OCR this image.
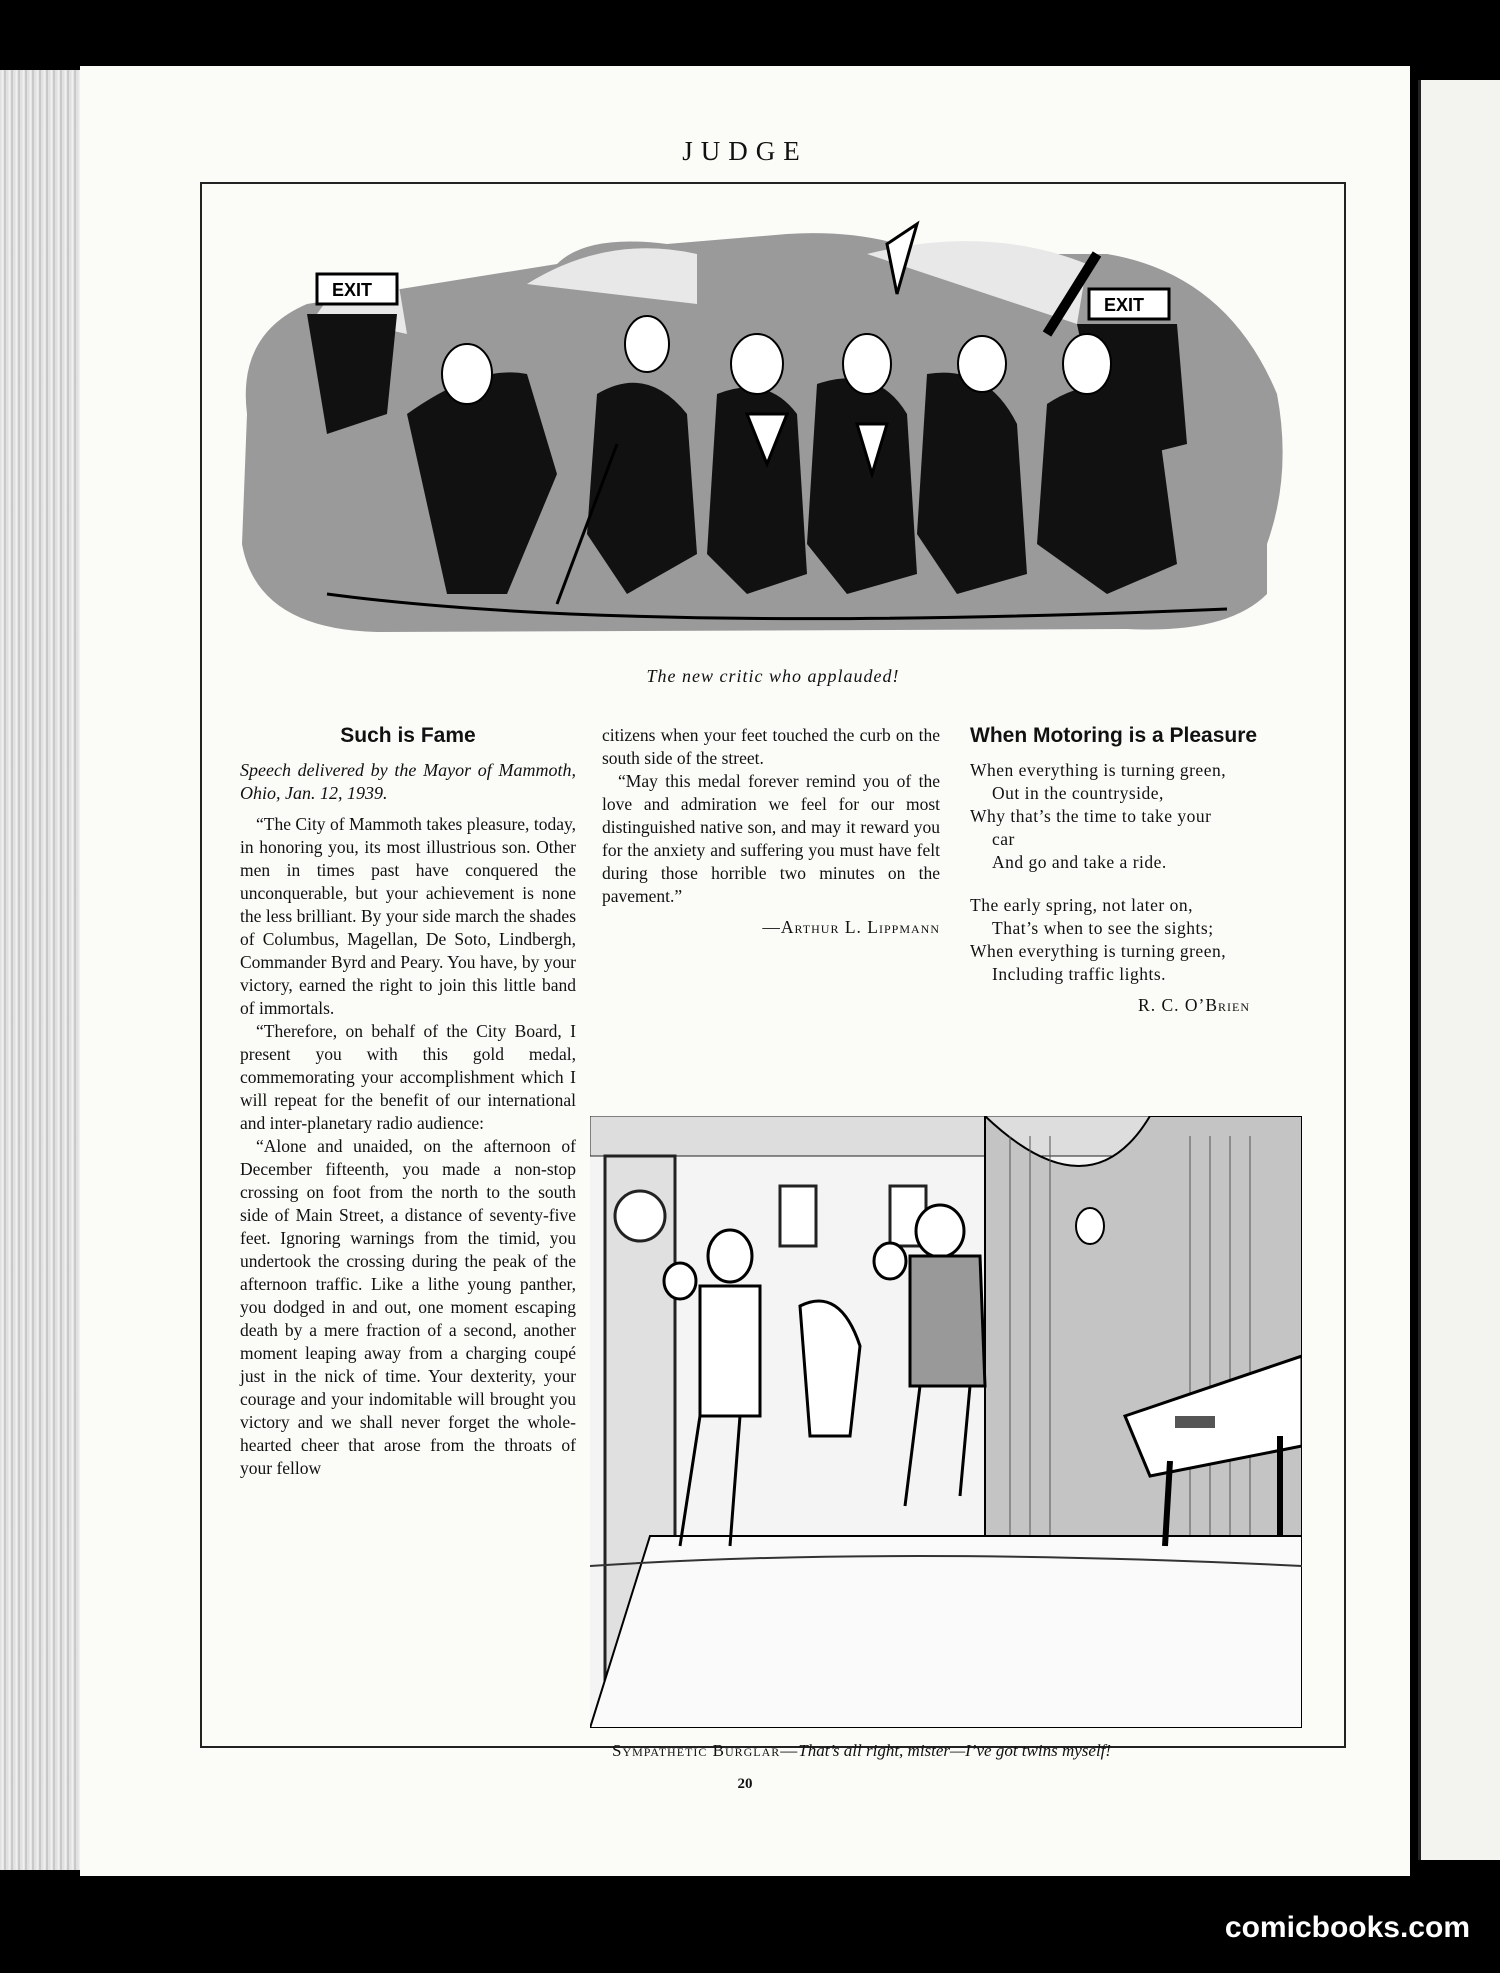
JUDGE
EXIT
EXIT
The new critic who applauded!
Such is Fame
Speech delivered by the Mayor of Mammoth, Ohio, Jan. 12, 1939.

“The City of Mammoth takes pleasure, today, in honoring you, its most illustrious son. Other men in times past have conquered the unconquerable, but your achievement is none the less brilliant. By your side march the shades of Columbus, Magellan, De Soto, Lindbergh, Commander Byrd and Peary. You have, by your victory, earned the right to join this little band of immortals.

“Therefore, on behalf of the City Board, I present you with this gold medal, commemorating your accomplishment which I will repeat for the benefit of our international and inter-planetary radio audience:

“Alone and unaided, on the afternoon of December fifteenth, you made a non-stop crossing on foot from the north to the south side of Main Street, a distance of seventy-five feet. Ignoring warnings from the timid, you undertook the crossing during the peak of the afternoon traffic. Like a lithe young panther, you dodged in and out, one moment escaping death by a mere fraction of a second, another moment leaping away from a charging coupé just in the nick of time. Your dexterity, your courage and your indomitable will brought you victory and we shall never forget the whole-hearted cheer that arose from the throats of your fellow

citizens when your feet touched the curb on the south side of the street.

“May this medal forever remind you of the love and admiration we feel for our most distinguished native son, and may it reward you for the anxiety and suffering you must have felt during those horrible two minutes on the pavement.”

—Arthur L. Lippmann
When Motoring is a Pleasure
When everything is turning green,
Out in the countryside,
Why that’s the time to take your
car
And go and take a ride.
The early spring, not later on,
That’s when to see the sights;
When everything is turning green,
Including traffic lights.
R. C. O’Brien
Sympathetic Burglar—That’s all right, mister—I’ve got twins myself!
20
comicbooks.com
